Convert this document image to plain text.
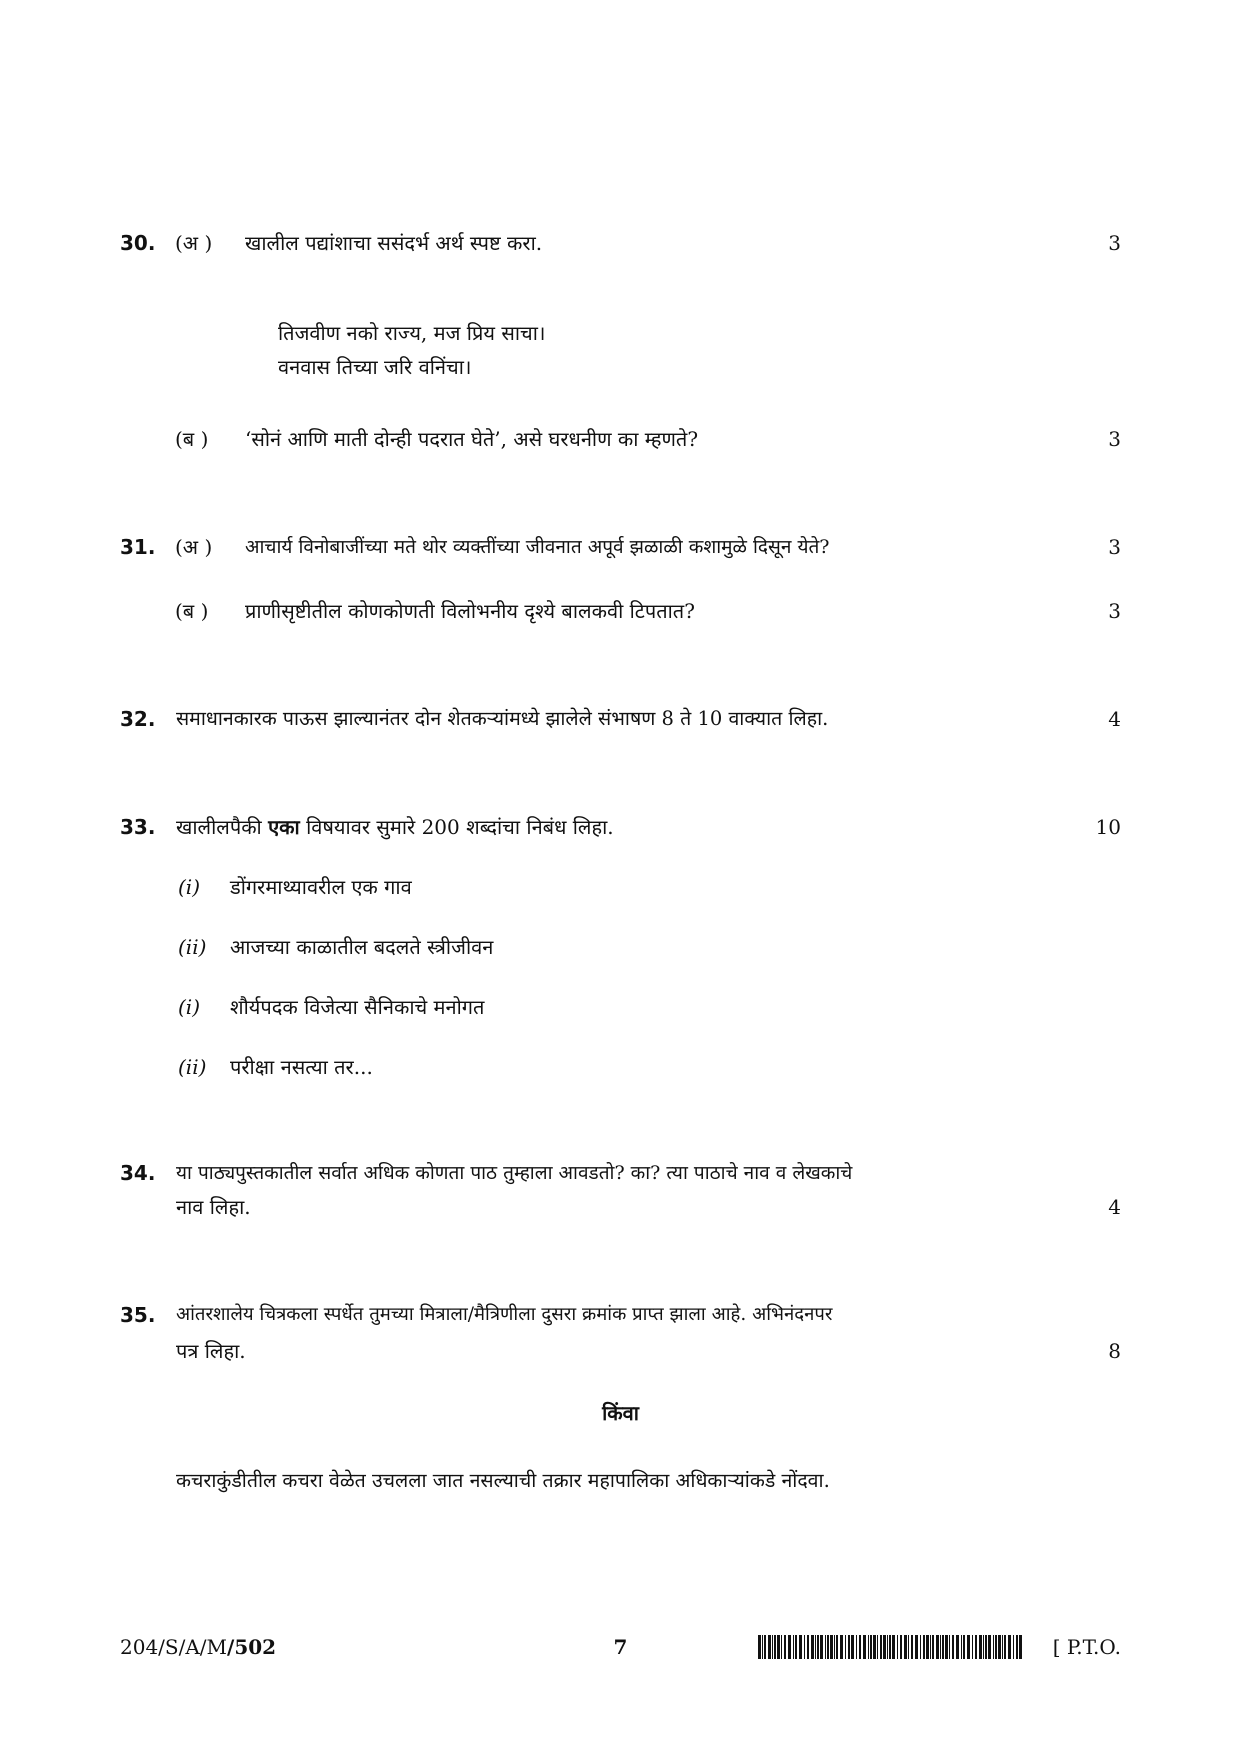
30. (अ ) खालील पद्यांशाचा ससंदर्भ अर्थ स्पष्ट करा.	3
तिजवीण नको राज्य, मज प्रिय साचा।
वनवास तिच्या जरि वनिंचा।
(ब ) ‘सोनं आणि माती दोन्ही पदरात घेते’, असे घरधनीण का म्हणते?	3
31. (अ ) आचार्य विनोबाजींच्या मते थोर व्यक्तींच्या जीवनात अपूर्व झळाळी कशामुळे दिसून येते?	3
(ब ) प्राणीसृष्टीतील कोणकोणती विलोभनीय दृश्ये बालकवी टिपतात?	3
32. समाधानकारक पाऊस झाल्यानंतर दोन शेतकऱ्यांमध्ये झालेले संभाषण 8 ते 10 वाक्यात लिहा.	4
33. खालीलपैकी एका विषयावर सुमारे 200 शब्दांचा निबंध लिहा.	10
(i) डोंगरमाथ्यावरील एक गाव
(ii) आजच्या काळातील बदलते स्त्रीजीवन
(i) शौर्यपदक विजेत्या सैनिकाचे मनोगत
(ii) परीक्षा नसत्या तर...
34. या पाठ्यपुस्तकातील सर्वात अधिक कोणता पाठ तुम्हाला आवडतो? का? त्या पाठाचे नाव व लेखकाचे
नाव लिहा.	4
35. आंतरशालेय चित्रकला स्पर्धेत तुमच्या मित्राला/मैत्रिणीला दुसरा क्रमांक प्राप्त झाला आहे. अभिनंदनपर
पत्र लिहा.	8
किंवा
कचराकुंडीतील कचरा वेळेत उचलला जात नसल्याची तक्रार महापालिका अधिकाऱ्यांकडे नोंदवा.
204/S/A/M/502	7	[ P.T.O.
